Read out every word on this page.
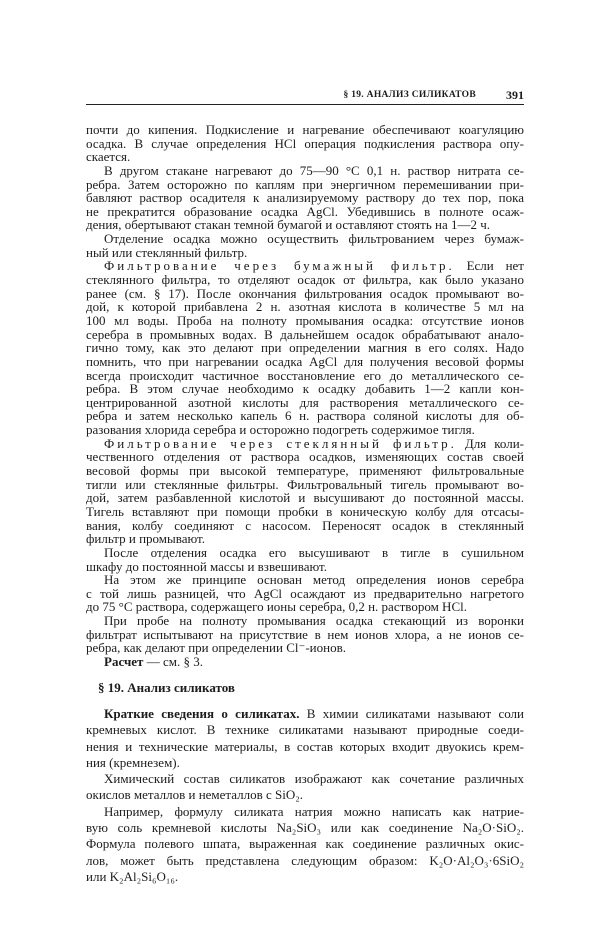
§ 19. АНАЛИЗ СИЛИКАТОВ	391
почти до кипения. Подкисление и нагревание обеспечивают коагуляцию
осадка. В случае определения HCl операция подкисления раствора опу-
скается.
В другом стакане нагревают до 75—90 °C 0,1 н. раствор нитрата се-
ребра. Затем осторожно по каплям при энергичном перемешивании при-
бавляют раствор осадителя к анализируемому раствору до тех пор, пока
не прекратится образование осадка AgCl. Убедившись в полноте осаж-
дения, обертывают стакан темной бумагой и оставляют стоять на 1—2 ч.
Отделение осадка можно осуществить фильтрованием через бумаж-
ный или стеклянный фильтр.
Фильтрование через бумажный фильтр. Если нет
стеклянного фильтра, то отделяют осадок от фильтра, как было указано
ранее (см. § 17). После окончания фильтрования осадок промывают во-
дой, к которой прибавлена 2 н. азотная кислота в количестве 5 мл на
100 мл воды. Проба на полноту промывания осадка: отсутствие ионов
серебра в промывных водах. В дальнейшем осадок обрабатывают анало-
гично тому, как это делают при определении магния в его солях. Надо
помнить, что при нагревании осадка AgCl для получения весовой формы
всегда происходит частичное восстановление его до металлического се-
ребра. В этом случае необходимо к осадку добавить 1—2 капли кон-
центрированной азотной кислоты для растворения металлического се-
ребра и затем несколько капель 6 н. раствора соляной кислоты для об-
разования хлорида серебра и осторожно подогреть содержимое тигля.
Фильтрование через стеклянный фильтр. Для коли-
чественного отделения от раствора осадков, изменяющих состав своей
весовой формы при высокой температуре, применяют фильтровальные
тигли или стеклянные фильтры. Фильтровальный тигель промывают во-
дой, затем разбавленной кислотой и высушивают до постоянной массы.
Тигель вставляют при помощи пробки в коническую колбу для отсасы-
вания, колбу соединяют с насосом. Переносят осадок в стеклянный
фильтр и промывают.
После отделения осадка его высушивают в тигле в сушильном
шкафу до постоянной массы и взвешивают.
На этом же принципе основан метод определения ионов серебра
с той лишь разницей, что AgCl осаждают из предварительно нагретого
до 75 °C раствора, содержащего ионы серебра, 0,2 н. раствором HCl.
При пробе на полноту промывания осадка стекающий из воронки
фильтрат испытывают на присутствие в нем ионов хлора, а не ионов се-
ребра, как делают при определении Cl⁻-ионов.
Расчет — см. § 3.
§ 19. Анализ силикатов
Краткие сведения о силикатах. В химии силикатами называют соли
кремневых кислот. В технике силикатами называют природные соеди-
нения и технические материалы, в состав которых входит двуокись крем-
ния (кремнезем).
Химический состав силикатов изображают как сочетание различных
окислов металлов и неметаллов с SiO₂.
Например, формулу силиката натрия можно написать как натрие-
вую соль кремневой кислоты Na₂SiO₃ или как соединение Na₂O·SiO₂.
Формула полевого шпата, выраженная как соединение различных окис-
лов, может быть представлена следующим образом: K₂O·Al₂O₃·6SiO₂
или K₂Al₂Si₆O₁₆.
